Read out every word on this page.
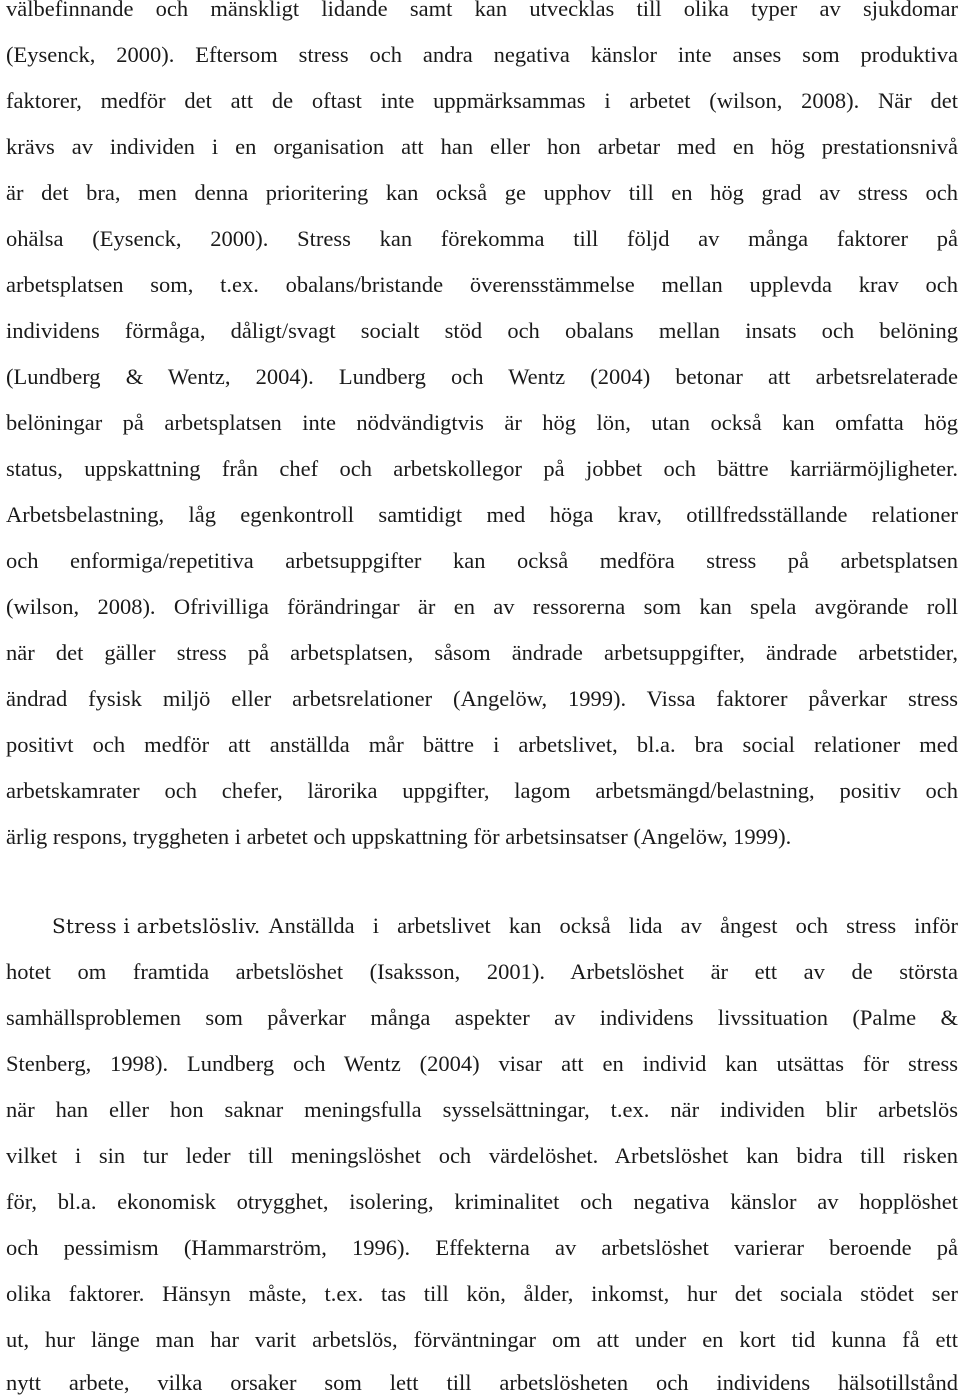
välbefinnande och mänskligt lidande samt kan utvecklas till olika typer av sjukdomar
(Eysenck, 2000). Eftersom stress och andra negativa känslor inte anses som produktiva
faktorer, medför det att de oftast inte uppmärksammas i arbetet (wilson, 2008). När det
krävs av individen i en organisation att han eller hon arbetar med en hög prestationsnivå
är det bra, men denna prioritering kan också ge upphov till en hög grad av stress och
ohälsa (Eysenck, 2000). Stress kan förekomma till följd av många faktorer på
arbetsplatsen som, t.ex. obalans/bristande överensstämmelse mellan upplevda krav och
individens förmåga, dåligt/svagt socialt stöd och obalans mellan insats och belöning
(Lundberg & Wentz, 2004). Lundberg och Wentz (2004) betonar att arbetsrelaterade
belöningar på arbetsplatsen inte nödvändigtvis är hög lön, utan också kan omfatta hög
status, uppskattning från chef och arbetskollegor på jobbet och bättre karriärmöjligheter.
Arbetsbelastning, låg egenkontroll samtidigt med höga krav, otillfredsställande relationer
och enformiga/repetitiva arbetsuppgifter kan också medföra stress på arbetsplatsen
(wilson, 2008). Ofrivilliga förändringar är en av ressorerna som kan spela avgörande roll
när det gäller stress på arbetsplatsen, såsom ändrade arbetsuppgifter, ändrade arbetstider,
ändrad fysisk miljö eller arbetsrelationer (Angelöw, 1999). Vissa faktorer påverkar stress
positivt och medför att anställda mår bättre i arbetslivet, bl.a. bra social relationer med
arbetskamrater och chefer, lärorika uppgifter, lagom arbetsmängd/belastning, positiv och
ärlig respons, tryggheten i arbetet och uppskattning för arbetsinsatser (Angelöw, 1999).
Stress i arbetslösliv. Anställda i arbetslivet kan också lida av ångest och stress inför
hotet om framtida arbetslöshet (Isaksson, 2001). Arbetslöshet är ett av de största
samhällsproblemen som påverkar många aspekter av individens livssituation (Palme &
Stenberg, 1998). Lundberg och Wentz (2004) visar att en individ kan utsättas för stress
när han eller hon saknar meningsfulla sysselsättningar, t.ex. när individen blir arbetslös
vilket i sin tur leder till meningslöshet och värdelöshet. Arbetslöshet kan bidra till risken
för, bl.a. ekonomisk otrygghet, isolering, kriminalitet och negativa känslor av hopplöshet
och pessimism (Hammarström, 1996). Effekterna av arbetslöshet varierar beroende på
olika faktorer. Hänsyn måste, t.ex. tas till kön, ålder, inkomst, hur det sociala stödet ser
ut, hur länge man har varit arbetslös, förväntningar om att under en kort tid kunna få ett
nytt arbete, vilka orsaker som lett till arbetslösheten och individens hälsotillstånd
